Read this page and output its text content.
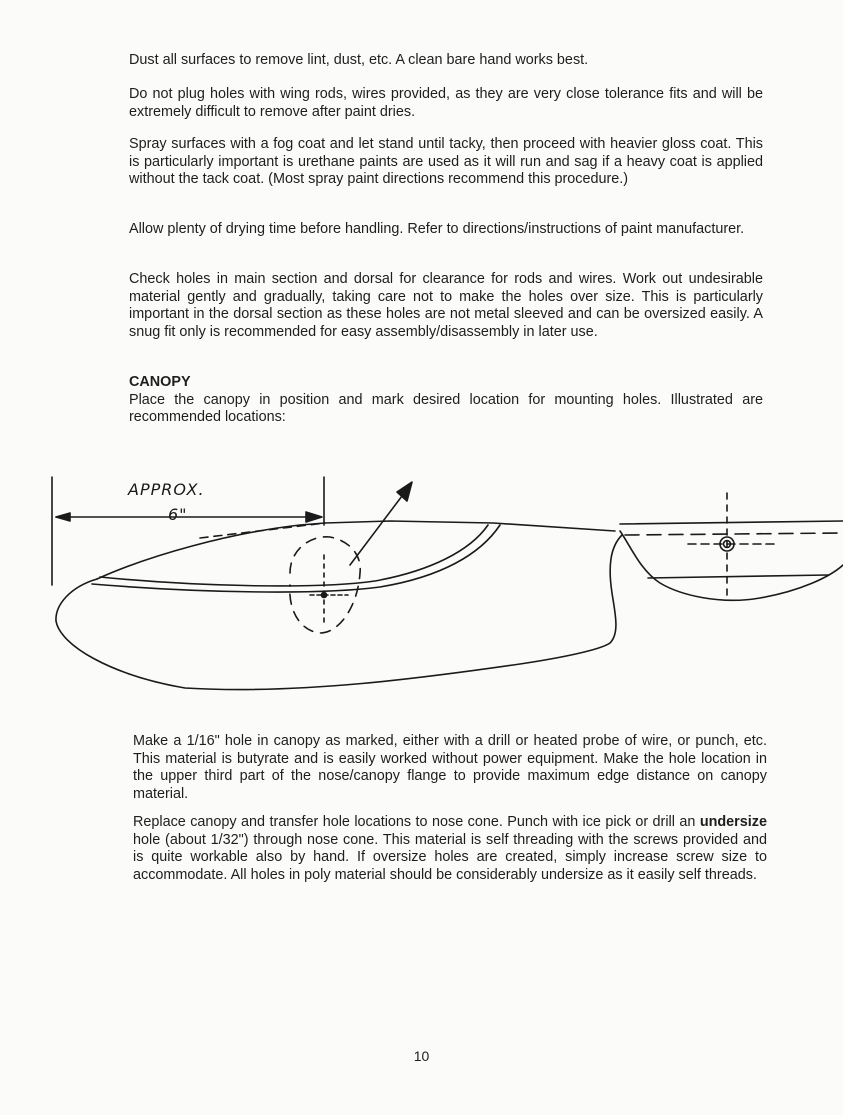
Dust all surfaces to remove lint, dust, etc. A clean bare hand works best.

Do not plug holes with wing rods, wires provided, as they are very close tolerance fits and will be extremely difficult to remove after paint dries.

Spray surfaces with a fog coat and let stand until tacky, then proceed with heavier gloss coat. This is particularly important is urethane paints are used as it will run and sag if a heavy coat is applied without the tack coat. (Most spray paint directions recommend this procedure.)

Allow plenty of drying time before handling. Refer to directions/instructions of paint manufacturer.

Check holes in main section and dorsal for clearance for rods and wires. Work out undesirable material gently and gradually, taking care not to make the holes over size. This is particularly important in the dorsal section as these holes are not metal sleeved and can be oversized easily. A snug fit only is recommended for easy assembly/disassembly in later use.

CANOPY
Place the canopy in position and mark desired location for mounting holes. Illustrated are recommended locations:
APPROX.
6"

Make a 1/16" hole in canopy as marked, either with a drill or heated probe of wire, or punch, etc. This material is butyrate and is easily worked without power equipment. Make the hole location in the upper third part of the nose/canopy flange to provide maximum edge distance on canopy material.

Replace canopy and transfer hole locations to nose cone. Punch with ice pick or drill an undersize hole (about 1/32") through nose cone. This material is self threading with the screws provided and is quite workable also by hand. If oversize holes are created, simply increase screw size to accommodate. All holes in poly material should be considerably undersize as it easily self threads.

10
